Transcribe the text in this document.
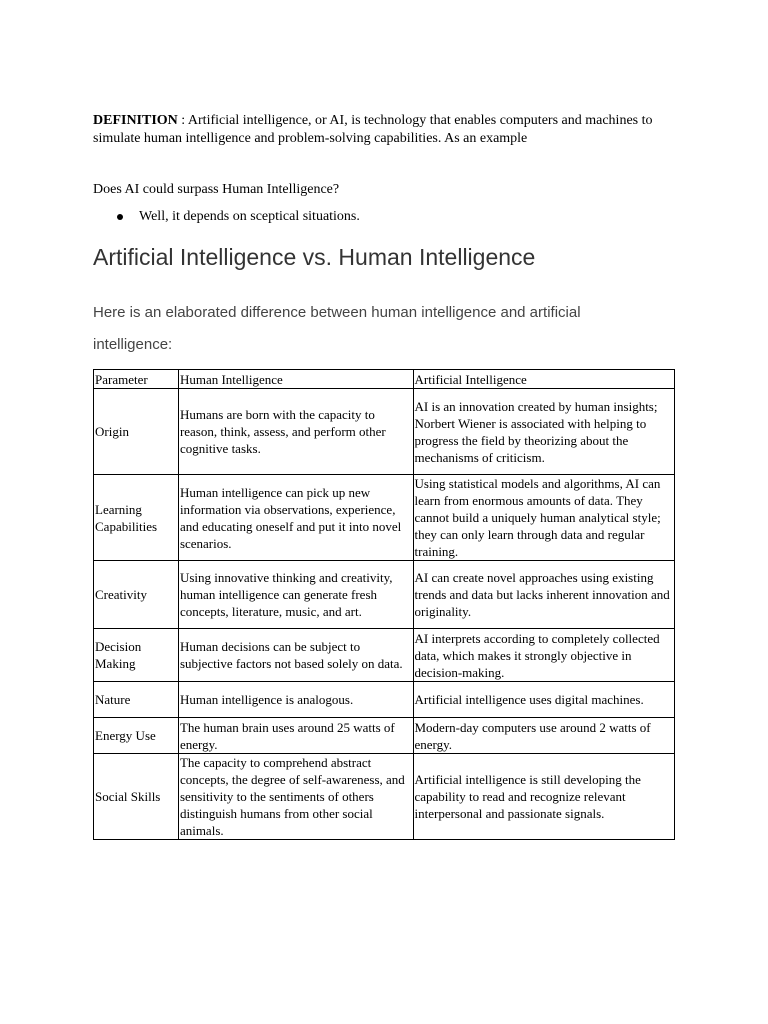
DEFINITION : Artificial intelligence, or AI, is technology that enables computers and machines to simulate human intelligence and problem-solving capabilities. As an example

Does AI could surpass Human Intelligence?

Well, it depends on sceptical situations.
Artificial Intelligence vs. Human Intelligence

Here is an elaborated difference between human intelligence and artificial intelligence:

Parameter	Human Intelligence	Artificial Intelligence
Origin	Humans are born with the capacity to reason, think, assess, and perform other cognitive tasks.	AI is an innovation created by human insights; Norbert Wiener is associated with helping to progress the field by theorizing about the mechanisms of criticism.
Learning Capabilities	Human intelligence can pick up new information via observations, experience, and educating oneself and put it into novel scenarios.	Using statistical models and algorithms, AI can learn from enormous amounts of data. They cannot build a uniquely human analytical style; they can only learn through data and regular training.
Creativity	Using innovative thinking and creativity, human intelligence can generate fresh concepts, literature, music, and art.	AI can create novel approaches using existing trends and data but lacks inherent innovation and originality.
Decision Making	Human decisions can be subject to subjective factors not based solely on data.	AI interprets according to completely collected data, which makes it strongly objective in decision-making.
Nature	Human intelligence is analogous.	Artificial intelligence uses digital machines.
Energy Use	The human brain uses around 25 watts of energy.	Modern-day computers use around 2 watts of energy.
Social Skills	The capacity to comprehend abstract concepts, the degree of self-awareness, and sensitivity to the sentiments of others distinguish humans from other social animals.	Artificial intelligence is still developing the capability to read and recognize relevant interpersonal and passionate signals.
